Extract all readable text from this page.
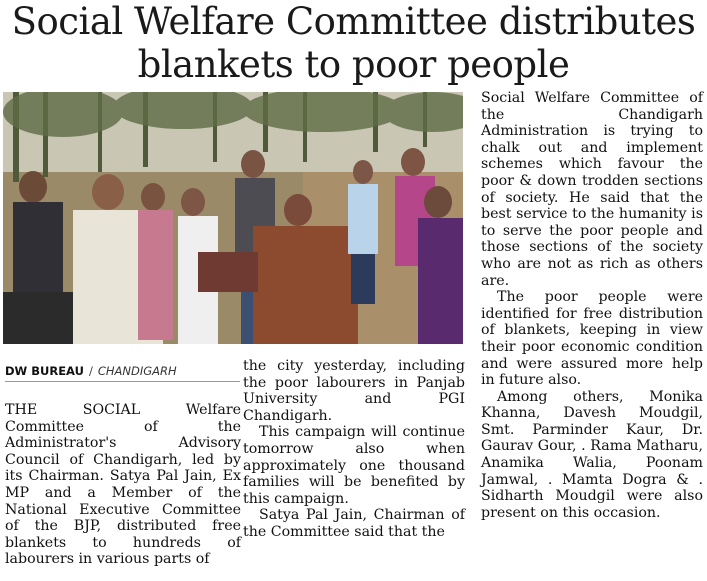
Social Welfare Committee distributes
blankets to poor people
DW BUREAU / CHANDIGARH

THE SOCIAL Welfare Committee of the Administrator's Advisory Council of Chandigarh, led by its Chairman. Satya Pal Jain, Ex MP and a Member of the National Executive Committee of the BJP, distributed free blankets to hundreds of labourers in various parts of

the city yesterday, including the poor labourers in Panjab University and PGI Chandigarh.

This campaign will continue tomorrow also when approximately one thousand families will be benefited by this campaign.

Satya Pal Jain, Chairman of the Committee said that the

Social Welfare Committee of the Chandigarh Administration is trying to chalk out and implement schemes which favour the poor & down trodden sections of society. He said that the best service to the humanity is to serve the poor people and those sections of the society who are not as rich as others are.

The poor people were identified for free distribution of blankets, keeping in view their poor economic condition and were assured more help in future also.

Among others, Monika Khanna, Davesh Moudgil, Smt. Parminder Kaur, Dr. Gaurav Gour, . Rama Matharu, Anamika Walia, Poonam Jamwal, . Mamta Dogra & . Sidharth Moudgil were also present on this occasion.
